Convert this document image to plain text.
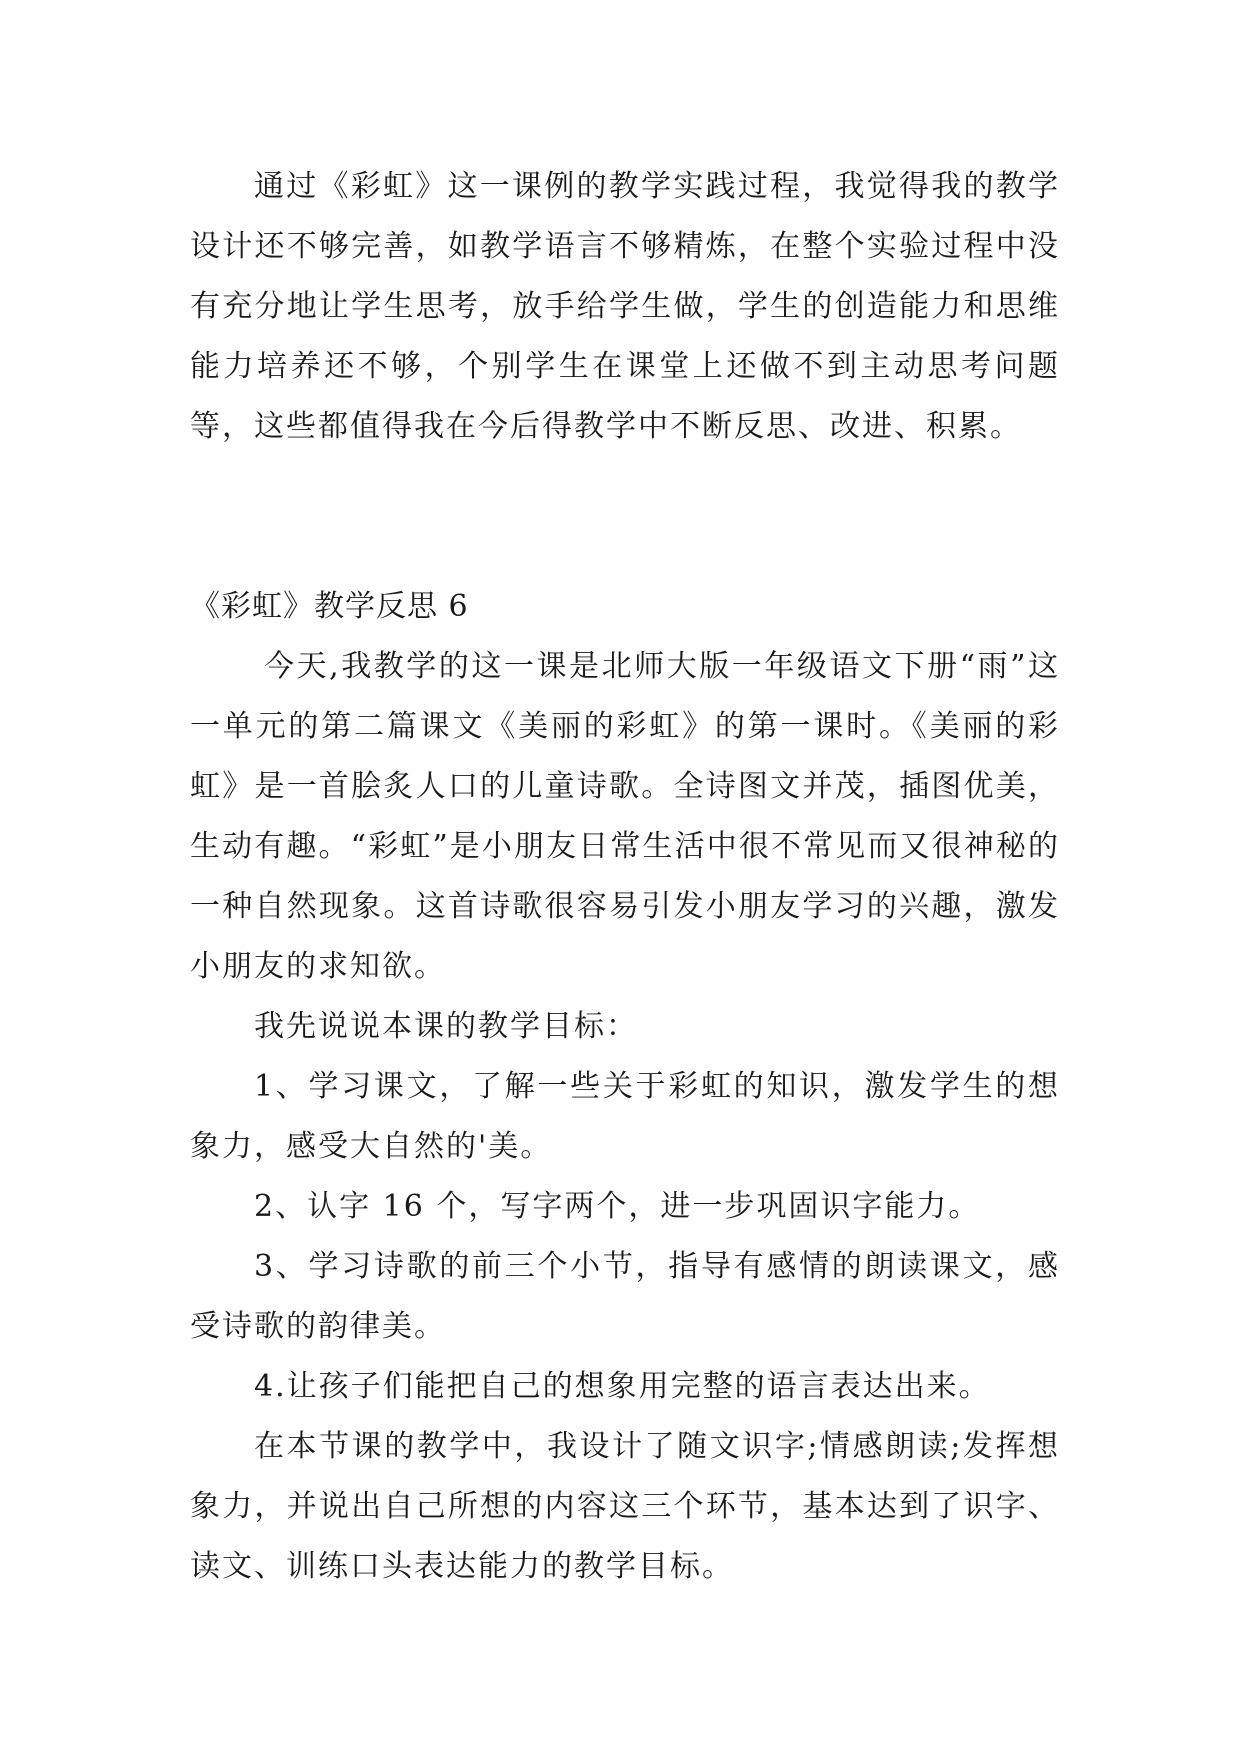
通过《彩虹》这一课例的教学实践过程，我觉得我的教学设计还不够完善，如教学语言不够精炼，在整个实验过程中没有充分地让学生思考，放手给学生做，学生的创造能力和思维能力培养还不够，个别学生在课堂上还做不到主动思考问题等，这些都值得我在今后得教学中不断反思、改进、积累。

《彩虹》教学反思 6

今天,我教学的这一课是北师大版一年级语文下册“雨”这一单元的第二篇课文《美丽的彩虹》的第一课时。《美丽的彩虹》是一首脍炙人口的儿童诗歌。全诗图文并茂，插图优美，生动有趣。“彩虹”是小朋友日常生活中很不常见而又很神秘的一种自然现象。这首诗歌很容易引发小朋友学习的兴趣，激发小朋友的求知欲。

我先说说本课的教学目标：

1、学习课文，了解一些关于彩虹的知识，激发学生的想象力，感受大自然的'美。

2、认字 16 个，写字两个，进一步巩固识字能力。

3、学习诗歌的前三个小节，指导有感情的朗读课文，感受诗歌的韵律美。

4.让孩子们能把自己的想象用完整的语言表达出来。

在本节课的教学中，我设计了随文识字;情感朗读;发挥想象力，并说出自己所想的内容这三个环节，基本达到了识字、读文、训练口头表达能力的教学目标。
